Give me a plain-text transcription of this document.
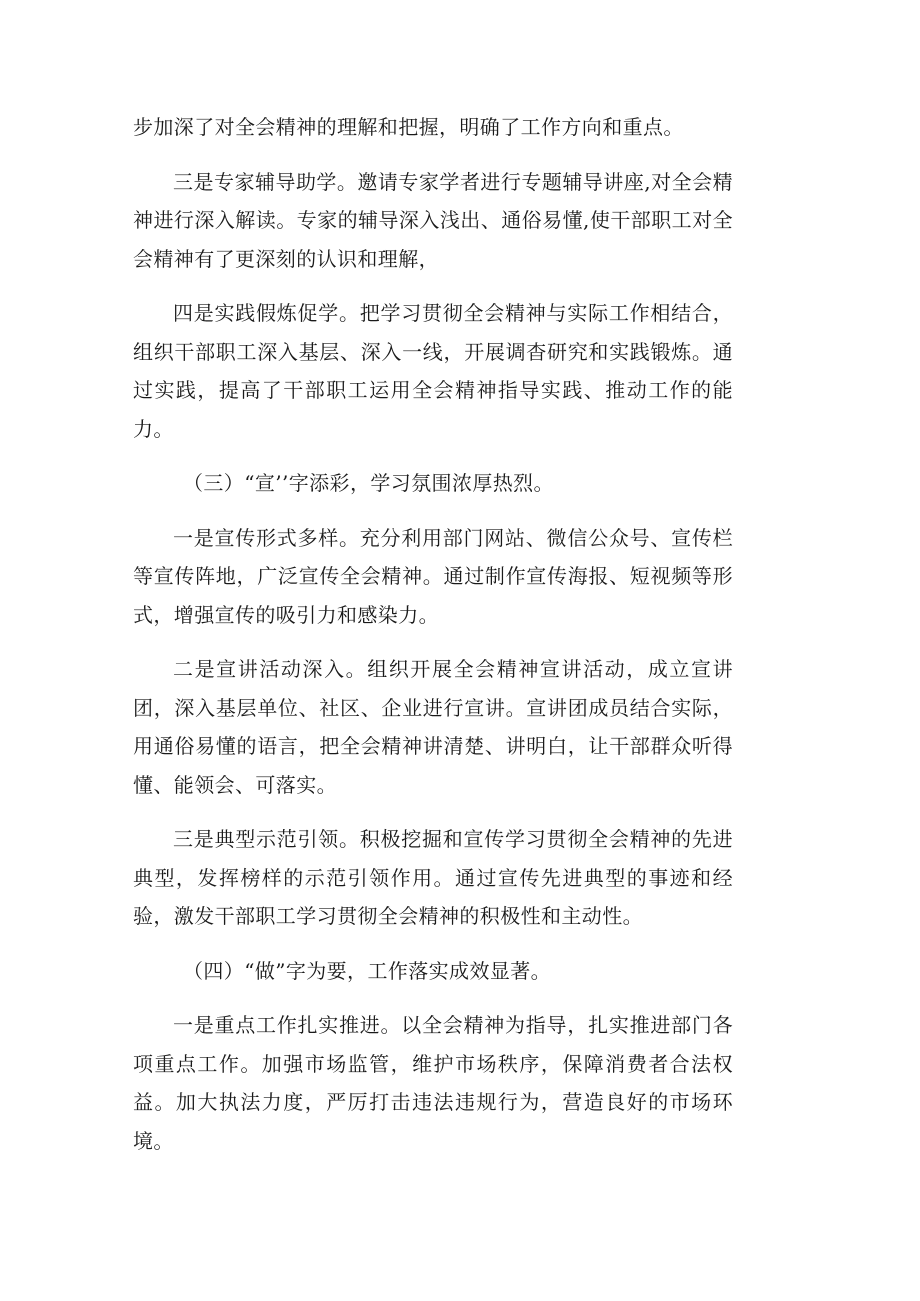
步加深了对全会精神的理解和把握，明确了工作方向和重点。

三是专家辅导助学。邀请专家学者进行专题辅导讲座,对全会精神进行深入解读。专家的辅导深入浅出、通俗易懂,使干部职工对全会精神有了更深刻的认识和理解，

四是实践假炼促学。把学习贯彻全会精神与实际工作相结合，组织干部职工深入基层、深入一线，开展调杳研究和实践锻炼。通过实践，提高了干部职工运用全会精神指导实践、推动工作的能力。

（三）“宣’’字添彩，学习氛围浓厚热烈。

一是宣传形式多样。充分利用部门网站、微信公众号、宣传栏等宣传阵地，广泛宣传全会精神。通过制作宣传海报、短视频等形式，增强宣传的吸引力和感染力。

二是宣讲活动深入。组织开展全会精神宣讲活动，成立宣讲团，深入基层单位、社区、企业进行宣讲。宣讲团成员结合实际，用通俗易懂的语言，把全会精神讲清楚、讲明白，让干部群众听得懂、能领会、可落实。

三是典型示范引领。积极挖掘和宣传学习贯彻全会精神的先进典型，发挥榜样的示范引领作用。通过宣传先进典型的事迹和经验，激发干部职工学习贯彻全会精神的积极性和主动性。

（四）“做”字为要，工作落实成效显著。

一是重点工作扎实推进。以全会精神为指导，扎实推进部门各项重点工作。加强市场监管，维护市场秩序，保障消费者合法权益。加大执法力度，严厉打击违法违规行为，营造良好的市场环境。
